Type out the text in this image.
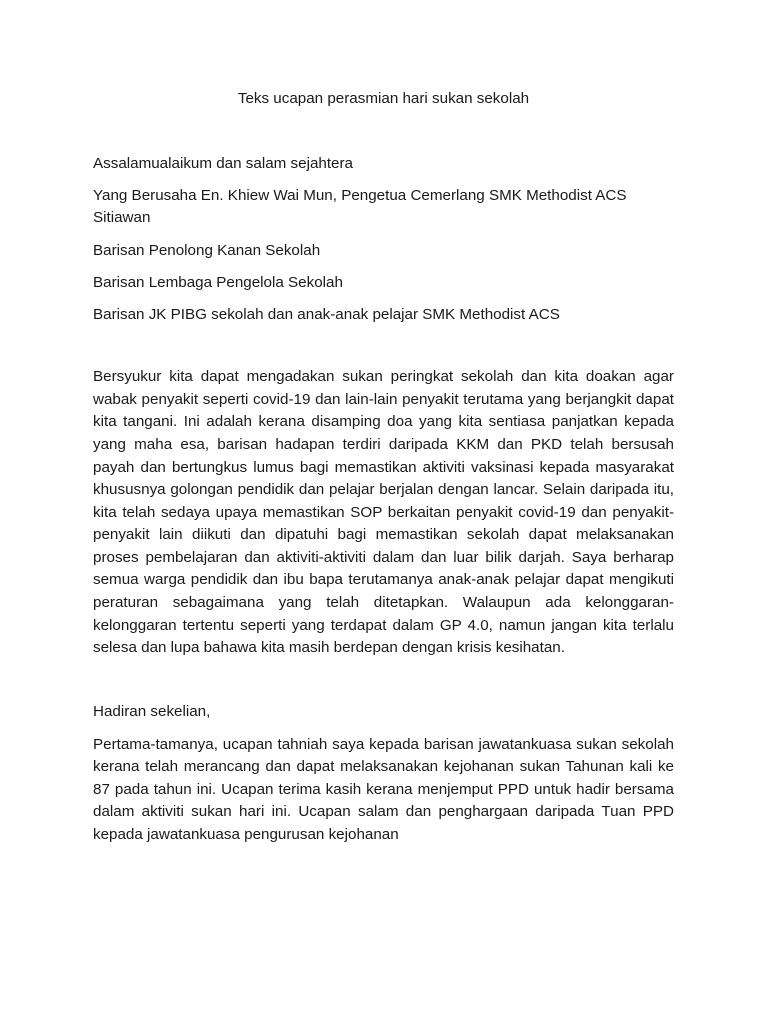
Teks ucapan perasmian hari sukan sekolah
Assalamualaikum dan salam sejahtera
Yang Berusaha En. Khiew Wai Mun, Pengetua Cemerlang SMK Methodist ACS Sitiawan
Barisan Penolong Kanan Sekolah
Barisan Lembaga Pengelola Sekolah
Barisan JK PIBG sekolah dan anak-anak pelajar SMK Methodist ACS
Bersyukur kita dapat mengadakan sukan peringkat sekolah dan kita doakan agar wabak penyakit seperti covid-19 dan lain-lain penyakit terutama yang berjangkit dapat kita tangani. Ini adalah kerana disamping doa yang kita sentiasa panjatkan kepada yang maha esa, barisan hadapan terdiri daripada KKM dan PKD telah bersusah payah dan bertungkus lumus bagi memastikan aktiviti vaksinasi kepada masyarakat khususnya golongan pendidik dan pelajar berjalan dengan lancar. Selain daripada itu, kita telah sedaya upaya memastikan SOP berkaitan penyakit covid-19 dan penyakit-penyakit lain diikuti dan dipatuhi bagi memastikan sekolah dapat melaksanakan proses pembelajaran dan aktiviti-aktiviti dalam dan luar bilik darjah. Saya berharap semua warga pendidik dan ibu bapa terutamanya anak-anak pelajar dapat mengikuti peraturan sebagaimana yang telah ditetapkan. Walaupun ada kelonggaran-kelonggaran tertentu seperti yang terdapat dalam GP 4.0, namun jangan kita terlalu selesa dan lupa bahawa kita masih berdepan dengan krisis kesihatan.
Hadiran sekelian,
Pertama-tamanya, ucapan tahniah saya kepada barisan jawatankuasa sukan sekolah kerana telah merancang dan dapat melaksanakan kejohanan sukan Tahunan kali ke 87 pada tahun ini. Ucapan terima kasih kerana menjemput PPD untuk hadir bersama dalam aktiviti sukan hari ini. Ucapan salam dan penghargaan daripada Tuan PPD kepada jawatankuasa pengurusan kejohanan
